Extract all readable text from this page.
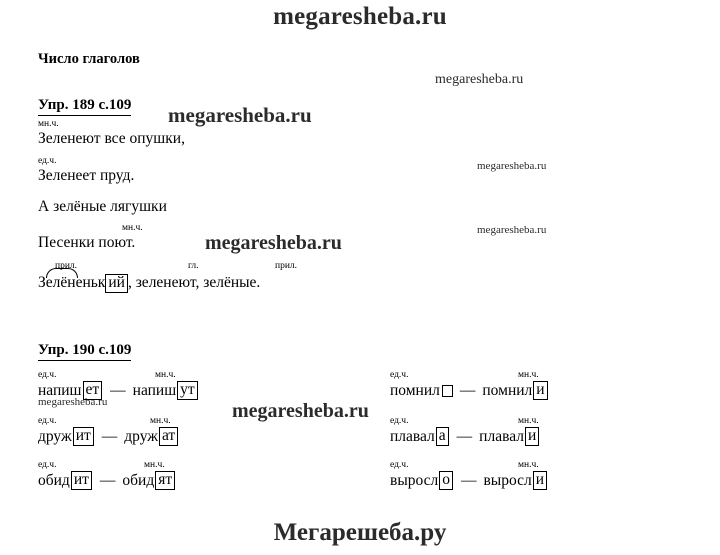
megaresheba.ru
megaresheba.ru
megaresheba.ru
megaresheba.ru
megaresheba.ru
megaresheba.ru
megaresheba.ru	megaresheba.ru
Мегарешеба.ру
Число глаголов
Упр. 189 с.109
мн.ч.
Зеленеют все опушки,
ед.ч.
Зеленеет пруд.
А зелёные лягушки
мн.ч.
Песенки поют.
прил.	гл.	прил.
Зелён еньк ий , зеленеют, зелёные.
Упр. 190 с.109
ед.ч.	мн.ч.
напиш ет — напиш ут
ед.ч.	мн.ч.
друж ит — друж ат
ед.ч.	мн.ч.
обид ит — обид ят
ед.ч.	мн.ч.
помнил — помнил и
ед.ч.	мн.ч.
плавал а — плавал и
ед.ч.	мн.ч.
выросл о — выросл и
